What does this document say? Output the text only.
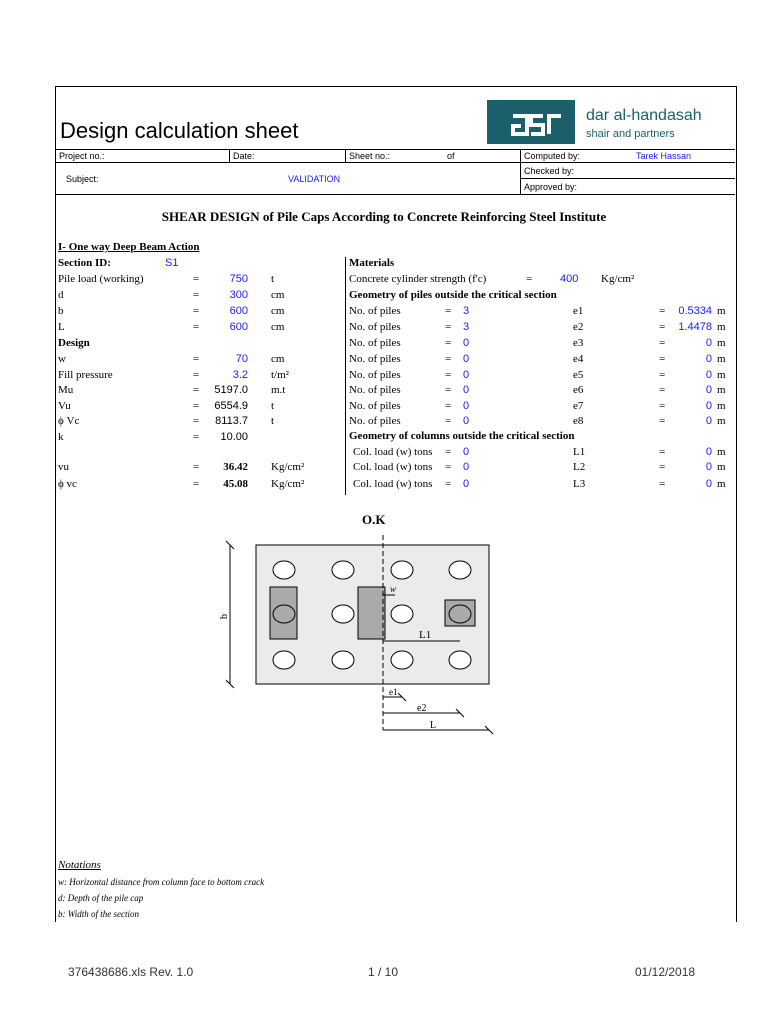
Design calculation sheet
dar al-handasah
shair and partners
Project no.:	Date:	Sheet no.:	of	Computed by:	Tarek Hassan
Subject:	VALIDATION
Checked by:
Approved by:
SHEAR DESIGN of Pile Caps According to Concrete Reinforcing Steel Institute
I- One way Deep Beam Action
Section ID:	S1	Materials
Pile load (working)	=	750 t
d	=	300 cm
b	=	600 cm
L	=	600 cm
Design
w	=	70 cm
Fill pressure	=	3.2 t/m²
Mu	=	5197.0 m.t
Vu	=	6554.9 t
ϕ Vc	=	8113.7 t
k	=	10.00
Concrete cylinder strength (f'c)	=	400 Kg/cm²
Geometry of piles outside the critical section
No. of piles	= 3	e1	=	0.5334 m
No. of piles	= 3	e2	=	1.4478 m
No. of piles	= 0	e3	=	0 m
No. of piles	= 0	e4	=	0 m
No. of piles	= 0	e5	=	0 m
No. of piles	= 0	e6	=	0 m
No. of piles	= 0	e7	=	0 m
No. of piles	= 0	e8	=	0 m
Geometry of columns outside the critical section
Col. load (w) tons = 0	L1	=	0 m
Col. load (w) tons = 0	L2	=	0 m
Col. load (w) tons = 0	L3	=	0 m
vu	=	36.42 Kg/cm²
ϕ vc	=	45.08 Kg/cm²
O.K
b
w
L1
e1
e2
L
Notations
w: Horizontal distance from column face to bottom crack
d: Depth of the pile cap
b: Width of the section
376438686.xls Rev. 1.0	1 / 10	01/12/2018
